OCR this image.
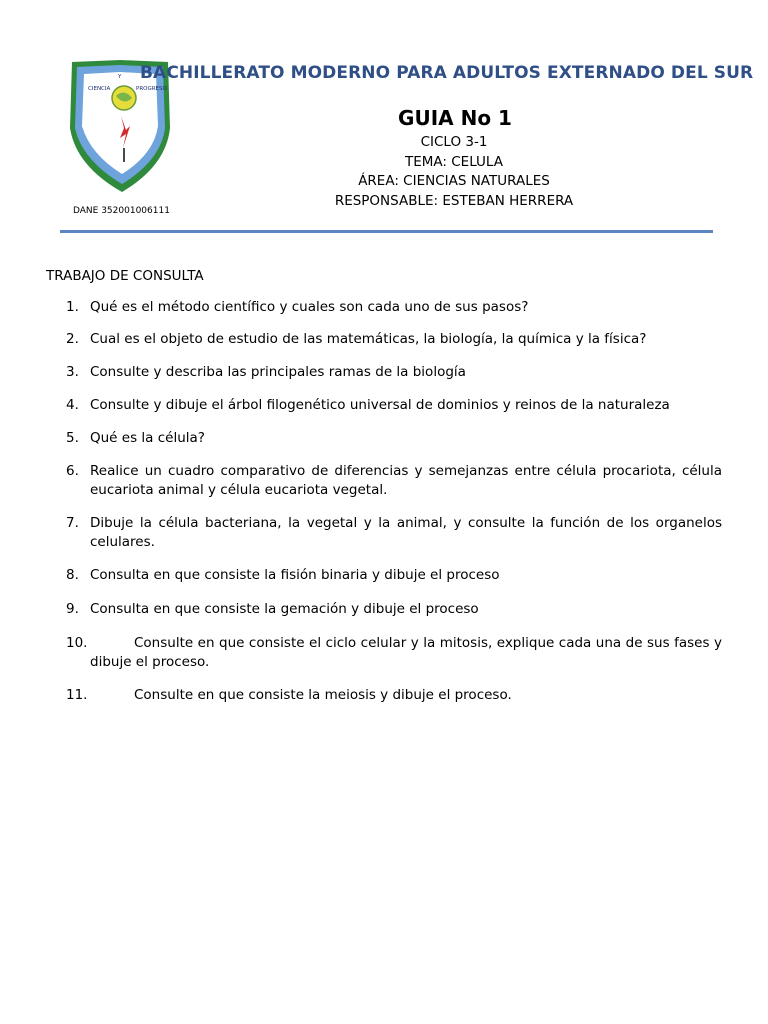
CIENCIA
Y
PROGRESO
BACHILLERATO MODERNO PARA ADULTOS EXTERNADO DEL SUR
DANE 352001006111
GUIA No 1
CICLO 3-1
TEMA: CELULA
ÁREA: CIENCIAS NATURALES
RESPONSABLE: ESTEBAN HERRERA
TRABAJO DE CONSULTA
1. Qué es el método científico y cuales son cada uno de sus pasos?
2. Cual es el objeto de estudio de las matemáticas, la biología, la química y la física?
3. Consulte y describa las principales ramas de la biología
4. Consulte y dibuje el árbol filogenético universal de dominios y reinos de la naturaleza
5. Qué es la célula?
6. Realice un cuadro comparativo de diferencias y semejanzas entre célula procariota, célula eucariota animal y célula eucariota vegetal.
7. Dibuje la célula bacteriana, la vegetal y la animal, y consulte la función de los organelos celulares.
8. Consulta en que consiste la fisión binaria y dibuje el proceso
9. Consulta en que consiste la gemación y dibuje el proceso
10.	Consulte en que consiste el ciclo celular y la mitosis, explique cada una de sus fases y dibuje el proceso.
11.	Consulte en que consiste la meiosis y dibuje el proceso.
